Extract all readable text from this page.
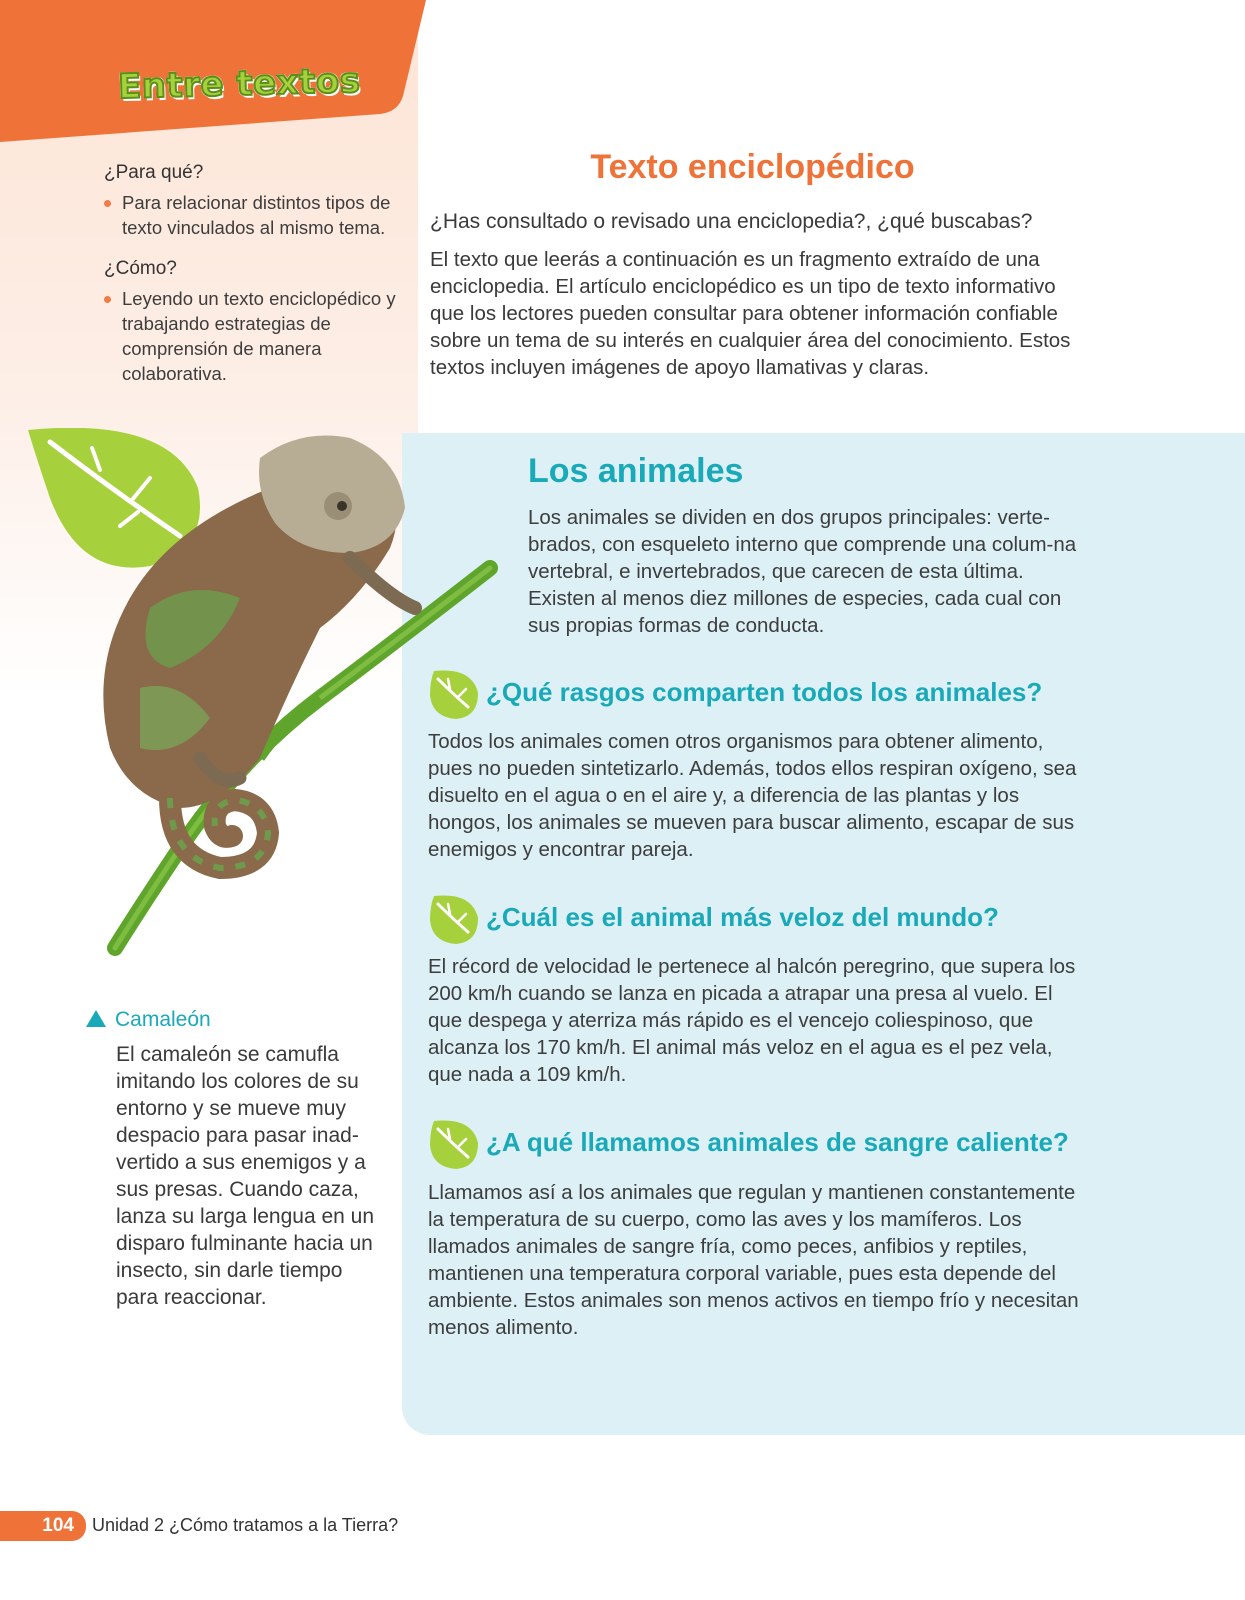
Entre textos
¿Para qué?
Para relacionar distintos tipos de texto vinculados al mismo tema.
¿Cómo?
Leyendo un texto enciclopédico y trabajando estrategias de comprensión de manera colaborativa.
Texto enciclopédico
¿Has consultado o revisado una enciclopedia?, ¿qué buscabas?

El texto que leerás a continuación es un fragmento extraído de una enciclopedia. El artículo enciclopédico es un tipo de texto informativo que los lectores pueden consultar para obtener información confiable sobre un tema de su interés en cualquier área del conocimiento. Estos textos incluyen imágenes de apoyo llamativas y claras.

Los animales

Los animales se dividen en dos grupos principales: verte-brados, con esqueleto interno que comprende una colum-na vertebral, e invertebrados, que carecen de esta última. Existen al menos diez millones de especies, cada cual con sus propias formas de conducta.

¿Qué rasgos comparten todos los animales?

Todos los animales comen otros organismos para obtener alimento, pues no pueden sintetizarlo. Además, todos ellos respiran oxígeno, sea disuelto en el agua o en el aire y, a diferencia de las plantas y los hongos, los animales se mueven para buscar alimento, escapar de sus enemigos y encontrar pareja.

¿Cuál es el animal más veloz del mundo?

El récord de velocidad le pertenece al halcón peregrino, que supera los 200 km/h cuando se lanza en picada a atrapar una presa al vuelo. El que despega y aterriza más rápido es el vencejo coliespinoso, que alcanza los 170 km/h. El animal más veloz en el agua es el pez vela, que nada a 109 km/h.

¿A qué llamamos animales de sangre caliente?

Llamamos así a los animales que regulan y mantienen constantemente la temperatura de su cuerpo, como las aves y los mamíferos. Los llamados animales de sangre fría, como peces, anfibios y reptiles, mantienen una temperatura corporal variable, pues esta depende del ambiente. Estos animales son menos activos en tiempo frío y necesitan menos alimento.

Camaleón

El camaleón se camufla imitando los colores de su entorno y se mueve muy despacio para pasar inad-vertido a sus enemigos y a sus presas. Cuando caza, lanza su larga lengua en un disparo fulminante hacia un insecto, sin darle tiempo para reaccionar.

104 Unidad 2 ¿Cómo tratamos a la Tierra?
